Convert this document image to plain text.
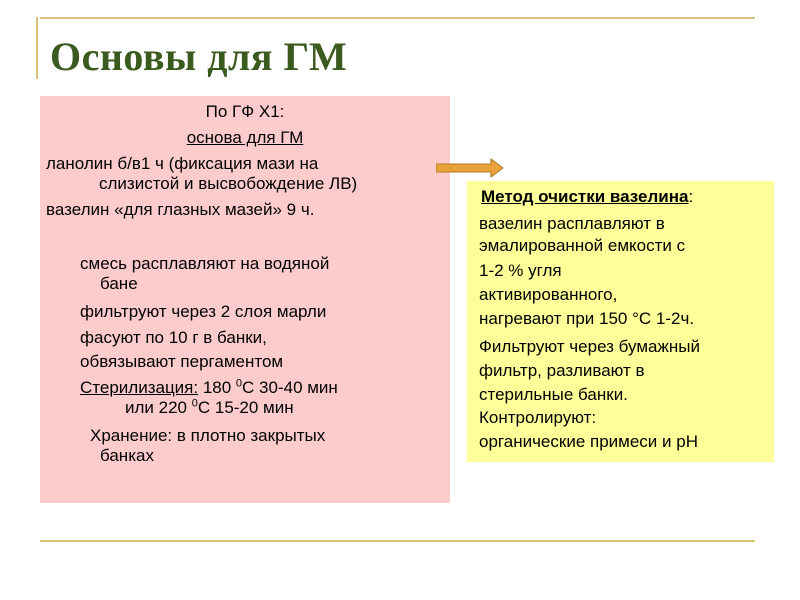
Основы для ГМ
По ГФ Х1:
основа для ГМ
ланолин б/в1 ч (фиксация мази на
слизистой и высвобождение ЛВ)
вазелин «для глазных мазей» 9 ч.
смесь расплавляют на водяной
бане
фильтруют через 2 слоя марли
фасуют по 10 г в банки,
обвязывают пергаментом
Стерилизация: 180 $^0$С 30-40 мин
или 220 $^0$С 15-20 мин
Хранение: в плотно закрытых
банках
Метод очистки вазелина:
вазелин расплавляют в
эмалированной емкости с
1-2 % угля
активированного,
нагревают при 150 °С 1-2ч.
Фильтруют через бумажный
фильтр, разливают в
стерильные банки.
Контролируют:
органические примеси и рН
